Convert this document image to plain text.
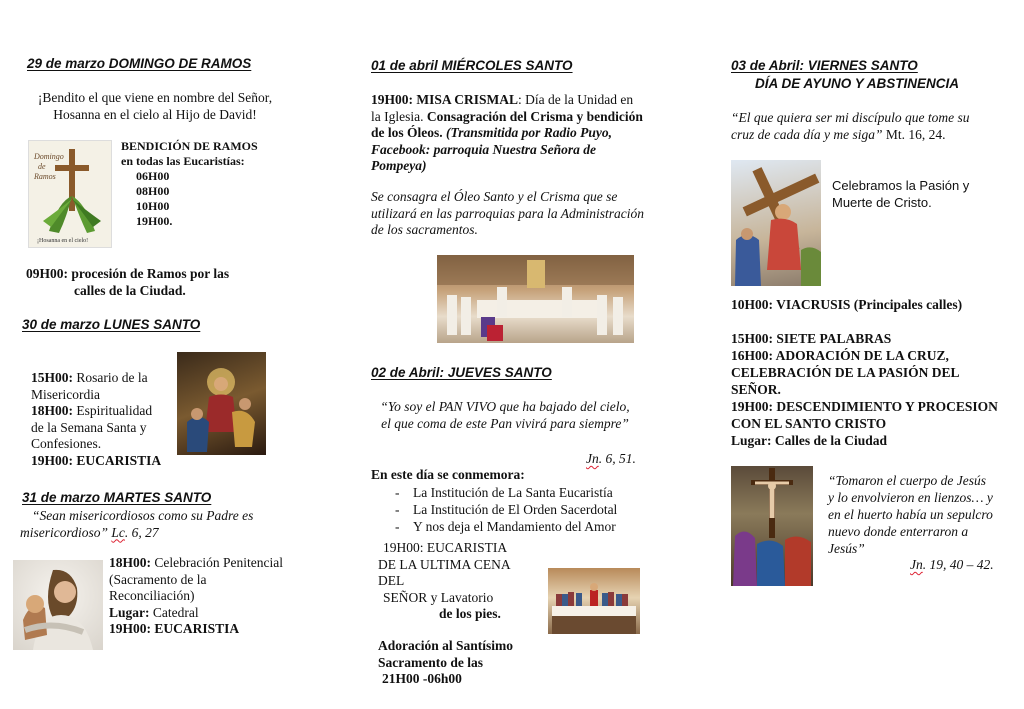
29 de marzo DOMINGO DE RAMOS
¡Bendito el que viene en nombre del Señor,
Hosanna en el cielo al Hijo de David!
Domingo
de
Ramos
¡Hosanna en el cielo!
BENDICIÓN DE RAMOS
en todas las Eucaristías:
06H00
08H00
10H00
19H00.
09H00: procesión de Ramos por las
calles de la Ciudad.
30 de marzo LUNES SANTO
15H00: Rosario de la
Misericordia
18H00: Espiritualidad
de la Semana Santa y
Confesiones.
19H00: EUCARISTIA
31 de marzo MARTES SANTO
“Sean misericordiosos como su Padre es
misericordioso” Lc. 6, 27
18H00: Celebración Penitencial
(Sacramento de la
Reconciliación)
Lugar: Catedral
19H00: EUCARISTIA
01 de abril MIÉRCOLES SANTO
19H00: MISA CRISMAL: Día de la Unidad en la Iglesia. Consagración del Crisma y bendición de los Óleos. (Transmitida por Radio Puyo, Facebook: parroquia Nuestra Señora de Pompeya)
Se consagra el Óleo Santo y el Crisma que se utilizará en las parroquias para la Administración de los sacramentos.
02 de Abril: JUEVES SANTO
“Yo soy el PAN VIVO que ha bajado del cielo, el que coma de este Pan vivirá para siempre”
Jn. 6, 51.
En este día se conmemora:
- La Institución de La Santa Eucaristía
- La Institución de El Orden Sacerdotal
- Y nos deja el Mandamiento del Amor
19H00: EUCARISTIA
DE LA ULTIMA CENA
DEL
SEÑOR y Lavatorio
de los pies.
Adoración al Santísimo
Sacramento de las
21H00 -06h00
03 de Abril: VIERNES SANTO
DÍA DE AYUNO Y ABSTINENCIA
“El que quiera ser mi discípulo que tome su cruz de cada día y me siga” Mt. 16, 24.
Celebramos la Pasión y Muerte de Cristo.
10H00: VIACRUSIS (Principales calles)
15H00: SIETE PALABRAS
16H00: ADORACIÓN DE LA CRUZ, CELEBRACIÓN DE LA PASIÓN DEL SEÑOR.
19H00: DESCENDIMIENTO Y PROCESION CON EL SANTO CRISTO
Lugar: Calles de la Ciudad
“Tomaron el cuerpo de Jesús y lo envolvieron en lienzos… y en el huerto había un sepulcro nuevo donde enterraron a Jesús”
Jn. 19, 40 – 42.
